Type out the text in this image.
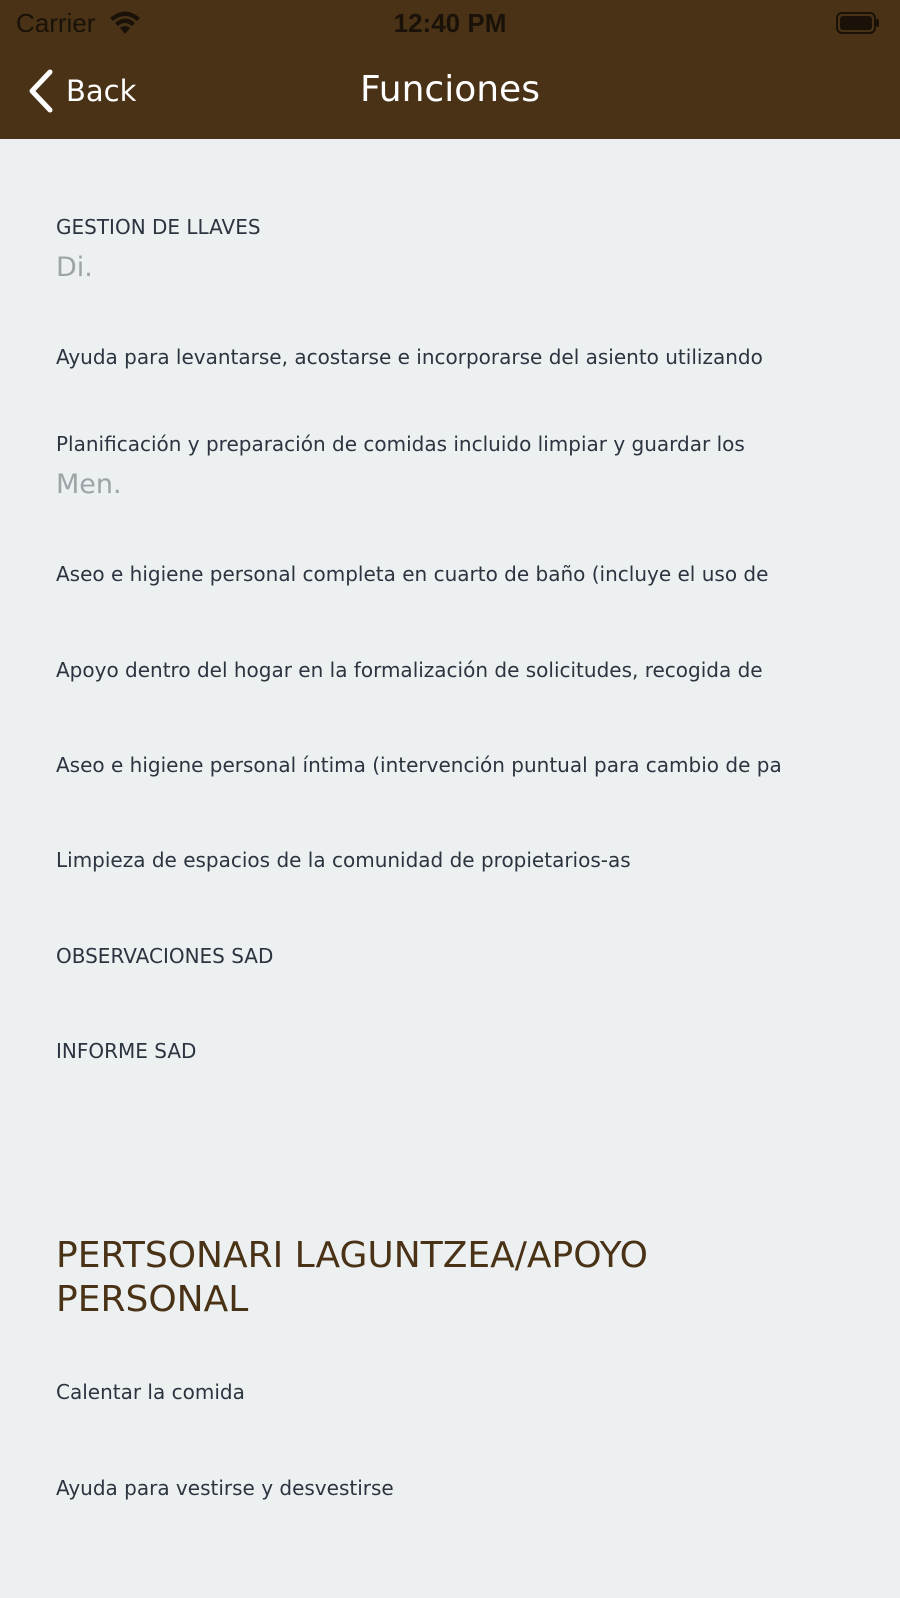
Carrier	12:40 PM
Back	Funciones
GESTION DE LLAVES
Di.
Ayuda para levantarse, acostarse e incorporarse del asiento utilizando
Planificación y preparación de comidas incluido limpiar y guardar los
Men.
Aseo e higiene personal completa en cuarto de baño (incluye el uso de
Apoyo dentro del hogar en la formalización de solicitudes, recogida de
Aseo e higiene personal íntima (intervención puntual para cambio de pa
Limpieza de espacios de la comunidad de propietarios-as
OBSERVACIONES SAD
INFORME SAD
PERTSONARI LAGUNTZEA/APOYO PERSONAL
Calentar la comida
Ayuda para vestirse y desvestirse
